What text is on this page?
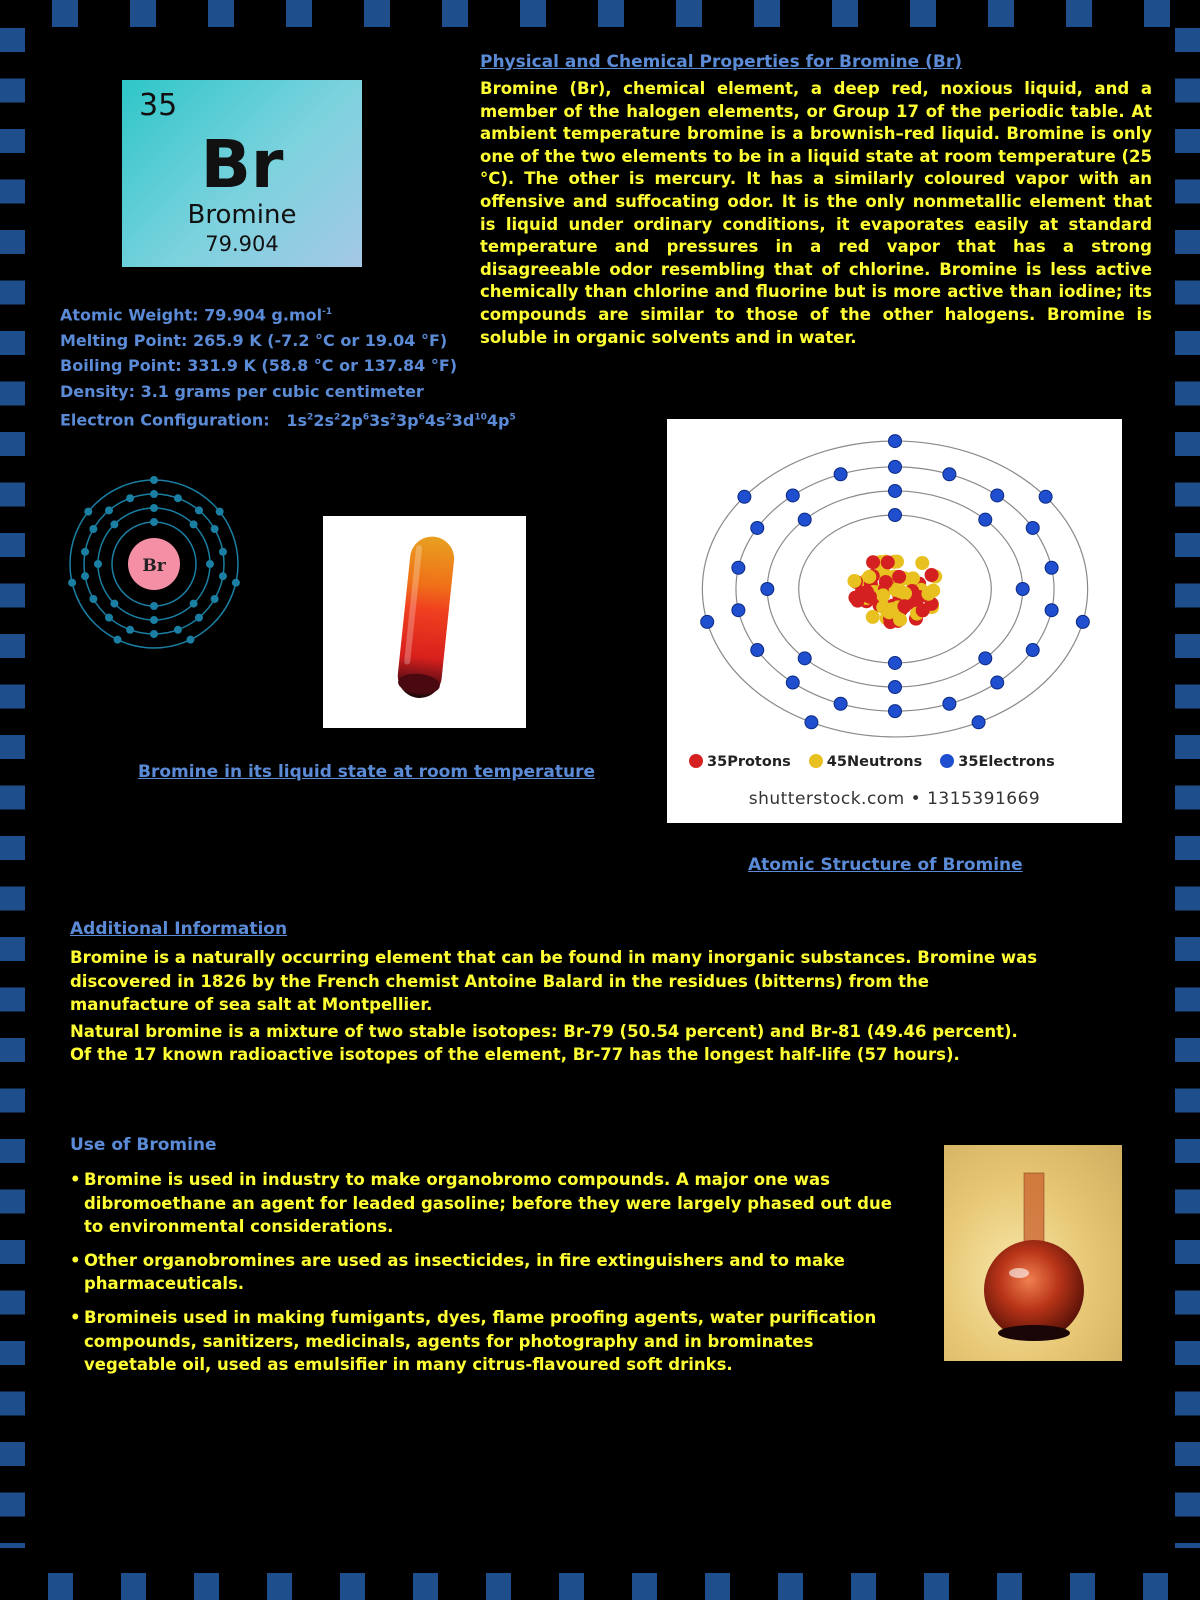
35
Br
Bromine
79.904
Atomic Weight: 79.904 g.mol$^{-1}$
Melting Point: 265.9 K (-7.2 °C or 19.04 °F)
Boiling Point: 331.9 K (58.8 °C or 137.84 °F)
Density: 3.1 grams per cubic centimeter
Electron Configuration: $1s^22s^22p^63s^23p^64s^23d^{10}4p^5$
Physical and Chemical Properties for Bromine (Br)
Bromine (Br), chemical element, a deep red, noxious liquid, and a member of the halogen elements, or Group 17 of the periodic table. At ambient temperature bromine is a brownish–red liquid. Bromine is only one of the two elements to be in a liquid state at room temperature (25 °C). The other is mercury. It has a similarly coloured vapor with an offensive and suffocating odor. It is the only nonmetallic element that is liquid under ordinary conditions, it evaporates easily at standard temperature and pressures in a red vapor that has a strong disagreeable odor resembling that of chlorine. Bromine is less active chemically than chlorine and fluorine but is more active than iodine; its compounds are similar to those of the other halogens. Bromine is soluble in organic solvents and in water.
Br
Bromine in its liquid state at room temperature	35Protons	45Neutrons	35Electrons
shutterstock.com • 1315391669
Atomic Structure of Bromine
Additional Information

Bromine is a naturally occurring element that can be found in many inorganic substances. Bromine was discovered in 1826 by the French chemist Antoine Balard in the residues (bitterns) from the manufacture of sea salt at Montpellier.

Natural bromine is a mixture of two stable isotopes: Br-79 (50.54 percent) and Br-81 (49.46 percent). Of the 17 known radioactive isotopes of the element, Br-77 has the longest half-life (57 hours).

Use of Bromine
• Bromine is used in industry to make organobromo compounds. A major one was dibromoethane an agent for leaded gasoline; before they were largely phased out due to environmental considerations.
• Other organobromines are used as insecticides, in fire extinguishers and to make pharmaceuticals.
• Bromineis used in making fumigants, dyes, flame proofing agents, water purification compounds, sanitizers, medicinals, agents for photography and in brominates vegetable oil, used as emulsifier in many citrus-flavoured soft drinks.
